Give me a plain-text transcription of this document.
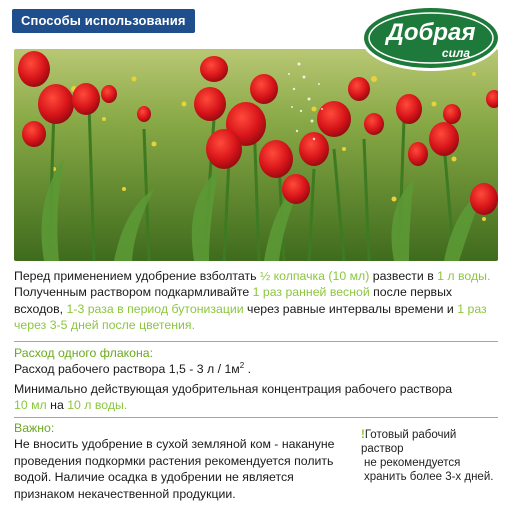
Способы использования	Добрая
сила
Перед применением удобрение взболтать ½ колпачка (10 мл) развести в 1 л воды.
Полученным раствором подкармливайте 1 раз ранней весной после первых всходов, 1-3 раза в период бутонизации через равные интервалы времени и 1 раз через 3-5 дней после цветения.
Расход одного флакона:
Расход рабочего раствора 1,5 - 3 л / $1м^2$ .
Минимально действующая удобрительная концентрация рабочего раствора
10 мл на 10 л воды.
Важно:
Не вносить удобрение в сухой земляной ком - накануне проведения подкормки растения рекомендуется полить водой. Наличие осадка в удобрении не является признаком некачественной продукции.
!Готовый рабочий раствор
не рекомендуется
хранить более 3-х дней.
